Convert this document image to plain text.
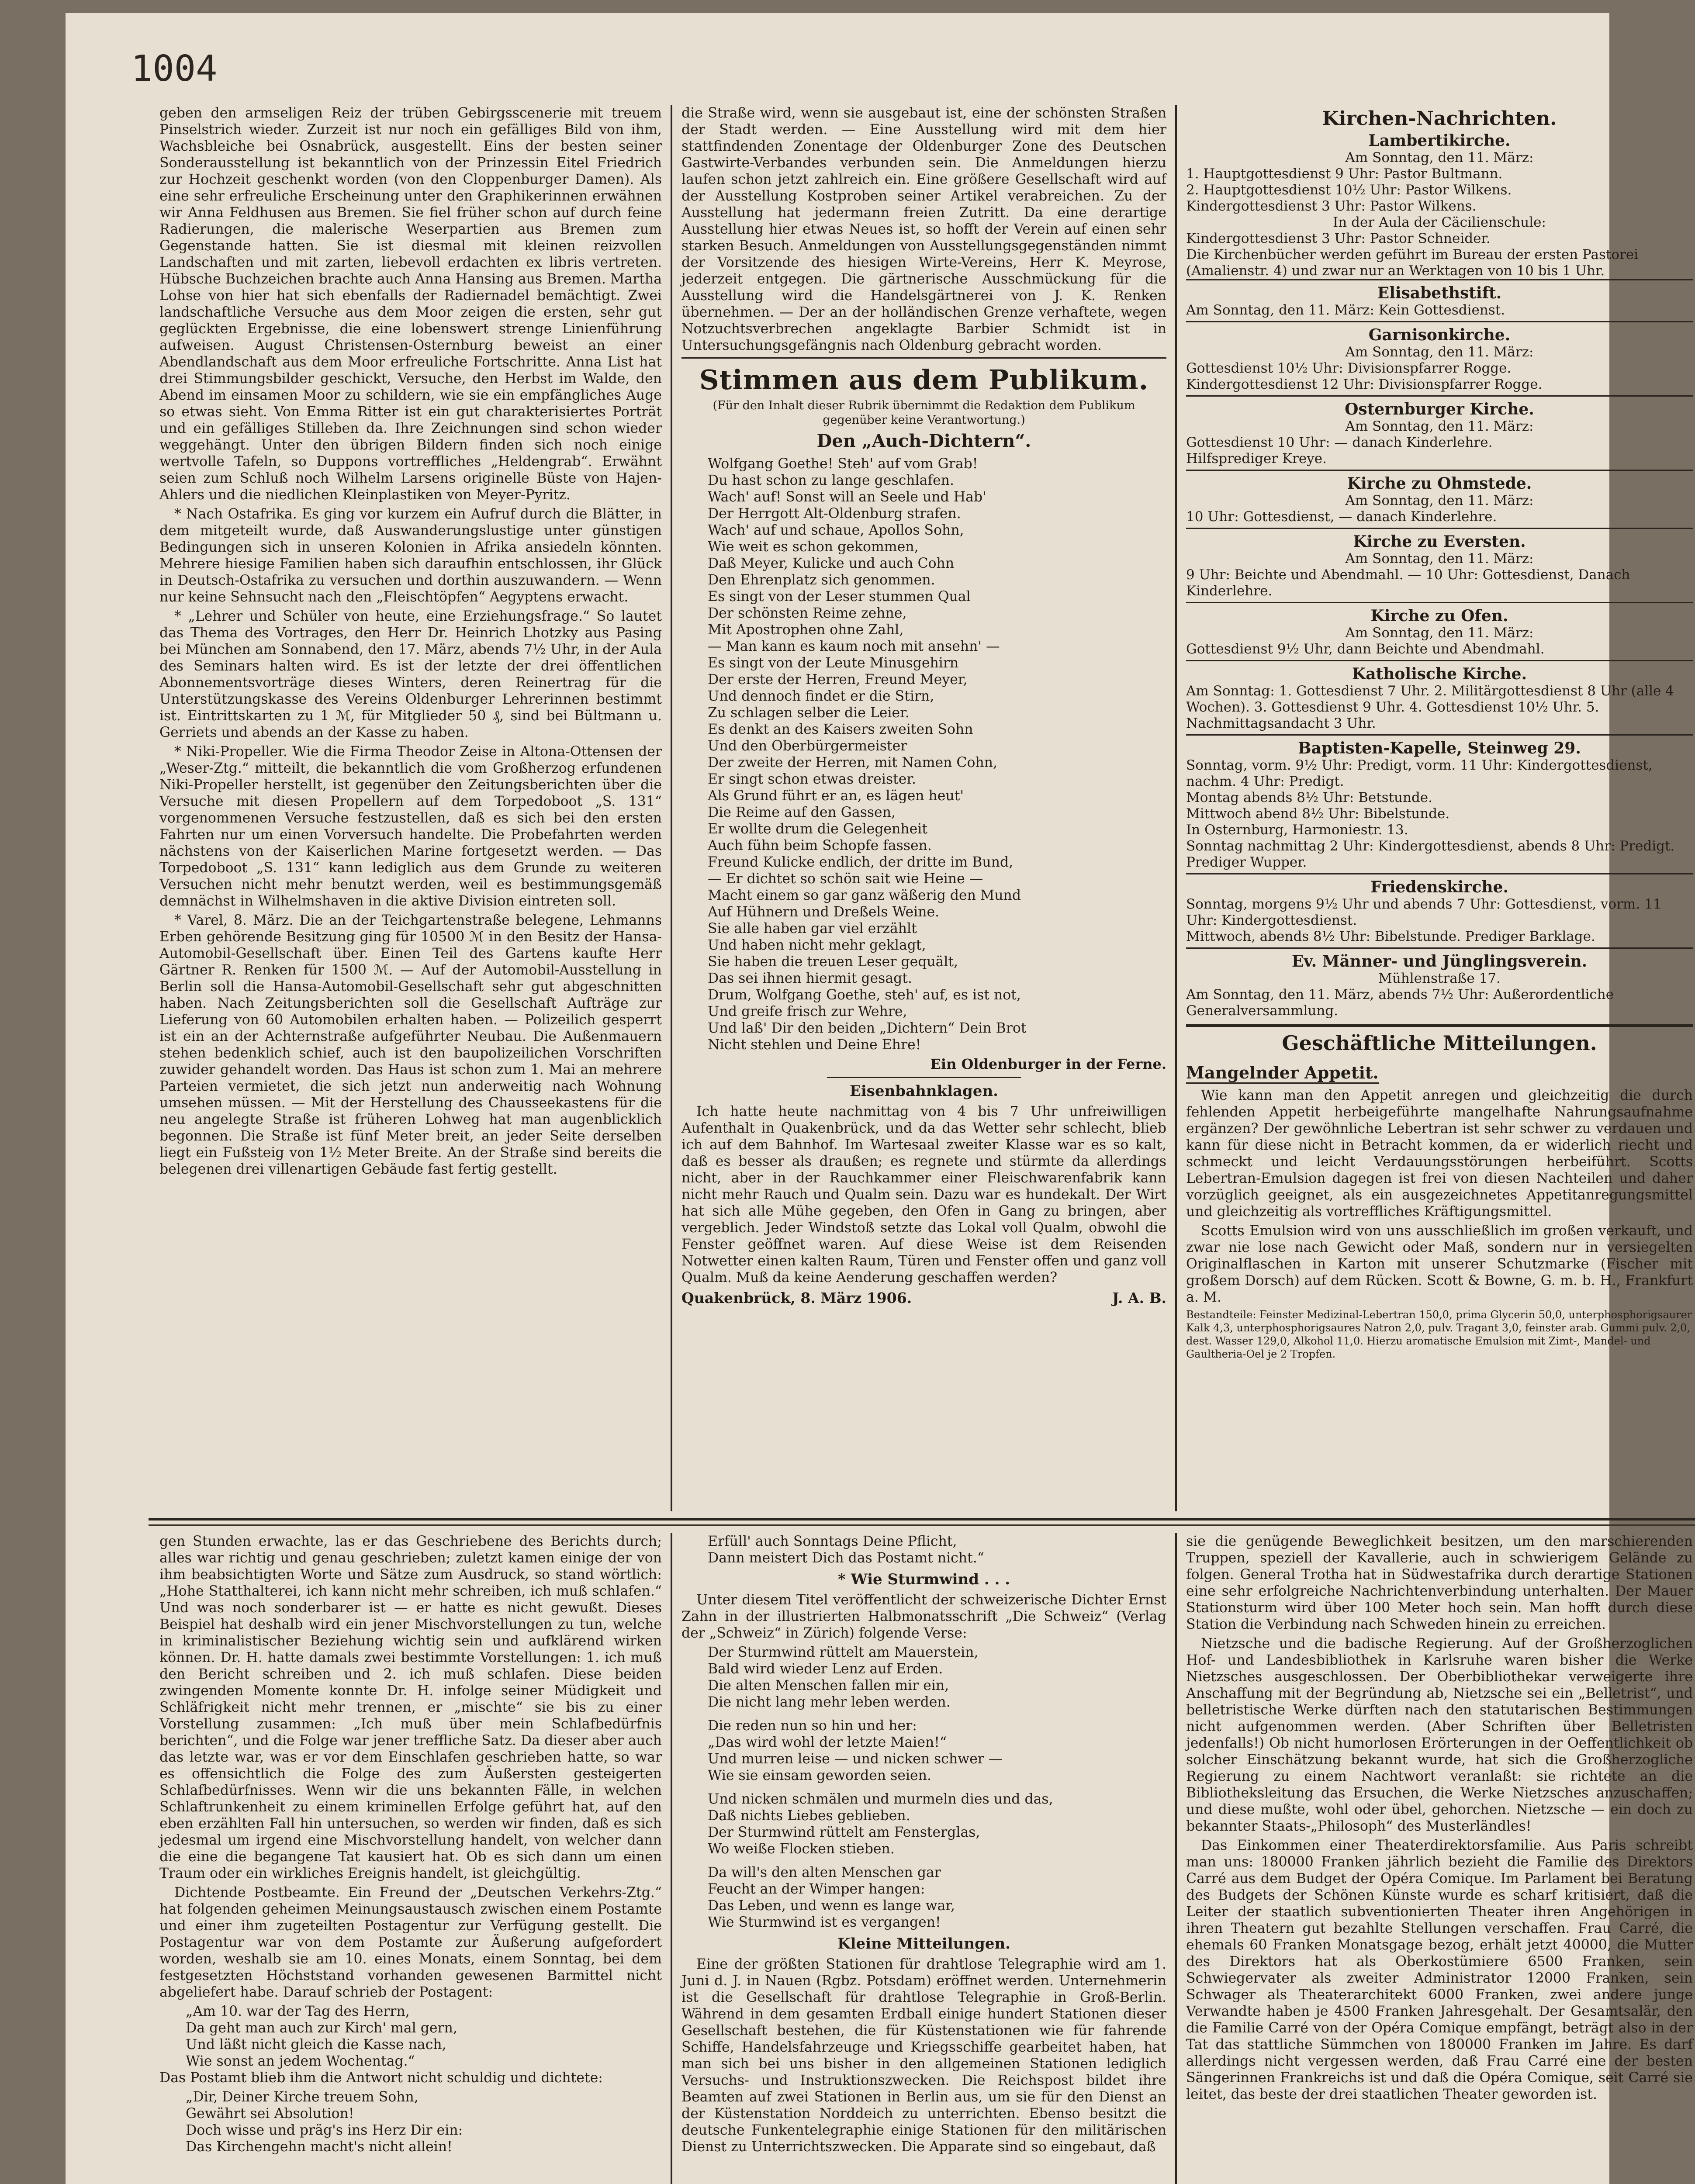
1004

geben den armseligen Reiz der trüben Gebirgsscenerie mit treuem Pinselstrich wieder. Zurzeit ist nur noch ein gefälliges Bild von ihm, Wachsbleiche bei Osnabrück, ausgestellt. Eins der besten seiner Sonderausstellung ist bekanntlich von der Prinzessin Eitel Friedrich zur Hochzeit geschenkt worden (von den Cloppenburger Damen). Als eine sehr erfreuliche Erscheinung unter den Graphikerinnen erwähnen wir Anna Feldhusen aus Bremen. Sie fiel früher schon auf durch feine Radierungen, die malerische Weserpartien aus Bremen zum Gegenstande hatten. Sie ist diesmal mit kleinen reizvollen Landschaften und mit zarten, liebevoll erdachten ex libris vertreten. Hübsche Buchzeichen brachte auch Anna Hansing aus Bremen. Martha Lohse von hier hat sich ebenfalls der Radiernadel bemächtigt. Zwei landschaftliche Versuche aus dem Moor zeigen die ersten, sehr gut geglückten Ergebnisse, die eine lobenswert strenge Linienführung aufweisen. August Christensen-Osternburg beweist an einer Abendlandschaft aus dem Moor erfreuliche Fortschritte. Anna List hat drei Stimmungsbilder geschickt, Versuche, den Herbst im Walde, den Abend im einsamen Moor zu schildern, wie sie ein empfängliches Auge so etwas sieht. Von Emma Ritter ist ein gut charakterisiertes Porträt und ein gefälliges Stilleben da. Ihre Zeichnungen sind schon wieder weggehängt. Unter den übrigen Bildern finden sich noch einige wertvolle Tafeln, so Duppons vortreffliches „Heldengrab“. Erwähnt seien zum Schluß noch Wilhelm Larsens originelle Büste von Hajen-Ahlers und die niedlichen Kleinplastiken von Meyer-Pyritz.

* Nach Ostafrika. Es ging vor kurzem ein Aufruf durch die Blätter, in dem mitgeteilt wurde, daß Auswanderungslustige unter günstigen Bedingungen sich in unseren Kolonien in Afrika ansiedeln könnten. Mehrere hiesige Familien haben sich daraufhin entschlossen, ihr Glück in Deutsch-Ostafrika zu versuchen und dorthin auszuwandern. — Wenn nur keine Sehnsucht nach den „Fleischtöpfen“ Aegyptens erwacht.

* „Lehrer und Schüler von heute, eine Erziehungsfrage.“ So lautet das Thema des Vortrages, den Herr Dr. Heinrich Lhotzky aus Pasing bei München am Sonnabend, den 17. März, abends 7½ Uhr, in der Aula des Seminars halten wird. Es ist der letzte der drei öffentlichen Abonnementsvorträge dieses Winters, deren Reinertrag für die Unterstützungskasse des Vereins Oldenburger Lehrerinnen bestimmt ist. Eintrittskarten zu 1 ℳ, für Mitglieder 50 ₰, sind bei Bültmann u. Gerriets und abends an der Kasse zu haben.

* Niki-Propeller. Wie die Firma Theodor Zeise in Altona-Ottensen der „Weser-Ztg.“ mitteilt, die bekanntlich die vom Großherzog erfundenen Niki-Propeller herstellt, ist gegenüber den Zeitungsberichten über die Versuche mit diesen Propellern auf dem Torpedoboot „S. 131“ vorgenommenen Versuche festzustellen, daß es sich bei den ersten Fahrten nur um einen Vorversuch handelte. Die Probefahrten werden nächstens von der Kaiserlichen Marine fortgesetzt werden. — Das Torpedoboot „S. 131“ kann lediglich aus dem Grunde zu weiteren Versuchen nicht mehr benutzt werden, weil es bestimmungsgemäß demnächst in Wilhelmshaven in die aktive Division eintreten soll.

* Varel, 8. März. Die an der Teichgartenstraße belegene, Lehmanns Erben gehörende Besitzung ging für 10500 ℳ in den Besitz der Hansa-Automobil-Gesellschaft über. Einen Teil des Gartens kaufte Herr Gärtner R. Renken für 1500 ℳ. — Auf der Automobil-Ausstellung in Berlin soll die Hansa-Automobil-Gesellschaft sehr gut abgeschnitten haben. Nach Zeitungsberichten soll die Gesellschaft Aufträge zur Lieferung von 60 Automobilen erhalten haben. — Polizeilich gesperrt ist ein an der Achternstraße aufgeführter Neubau. Die Außenmauern stehen bedenklich schief, auch ist den baupolizeilichen Vorschriften zuwider gehandelt worden. Das Haus ist schon zum 1. Mai an mehrere Parteien vermietet, die sich jetzt nun anderweitig nach Wohnung umsehen müssen. — Mit der Herstellung des Chausseekastens für die neu angelegte Straße ist früheren Lohweg hat man augenblicklich begonnen. Die Straße ist fünf Meter breit, an jeder Seite derselben liegt ein Fußsteig von 1½ Meter Breite. An der Straße sind bereits die belegenen drei villenartigen Gebäude fast fertig gestellt.

die Straße wird, wenn sie ausgebaut ist, eine der schönsten Straßen der Stadt werden. — Eine Ausstellung wird mit dem hier stattfindenden Zonentage der Oldenburger Zone des Deutschen Gastwirte-Verbandes verbunden sein. Die Anmeldungen hierzu laufen schon jetzt zahlreich ein. Eine größere Gesellschaft wird auf der Ausstellung Kostproben seiner Artikel verabreichen. Zu der Ausstellung hat jedermann freien Zutritt. Da eine derartige Ausstellung hier etwas Neues ist, so hofft der Verein auf einen sehr starken Besuch. Anmeldungen von Ausstellungsgegenständen nimmt der Vorsitzende des hiesigen Wirte-Vereins, Herr K. Meyrose, jederzeit entgegen. Die gärtnerische Ausschmückung für die Ausstellung wird die Handelsgärtnerei von J. K. Renken übernehmen. — Der an der holländischen Grenze verhaftete, wegen Notzuchtsverbrechen angeklagte Barbier Schmidt ist in Untersuchungsgefängnis nach Oldenburg gebracht worden.

Stimmen aus dem Publikum.
(Für den Inhalt dieser Rubrik übernimmt die Redaktion dem Publikum gegenüber keine Verantwortung.)
Den „Auch-Dichtern“.
Wolfgang Goethe! Steh' auf vom Grab!
Du hast schon zu lange geschlafen.
Wach' auf! Sonst will an Seele und Hab'
Der Herrgott Alt-Oldenburg strafen.
Wach' auf und schaue, Apollos Sohn,
Wie weit es schon gekommen,
Daß Meyer, Kulicke und auch Cohn
Den Ehrenplatz sich genommen.
Es singt von der Leser stummen Qual
Der schönsten Reime zehne,
Mit Apostrophen ohne Zahl,
— Man kann es kaum noch mit ansehn' —
Es singt von der Leute Minusgehirn
Der erste der Herren, Freund Meyer,
Und dennoch findet er die Stirn,
Zu schlagen selber die Leier.
Es denkt an des Kaisers zweiten Sohn
Und den Oberbürgermeister
Der zweite der Herren, mit Namen Cohn,
Er singt schon etwas dreister.
Als Grund führt er an, es lägen heut'
Die Reime auf den Gassen,
Er wollte drum die Gelegenheit
Auch fühn beim Schopfe fassen.
Freund Kulicke endlich, der dritte im Bund,
— Er dichtet so schön sait wie Heine —
Macht einem so gar ganz wäßerig den Mund
Auf Hühnern und Dreßels Weine.
Sie alle haben gar viel erzählt
Und haben nicht mehr geklagt,
Sie haben die treuen Leser gequält,
Das sei ihnen hiermit gesagt.
Drum, Wolfgang Goethe, steh' auf, es ist not,
Und greife frisch zur Wehre,
Und laß' Dir den beiden „Dichtern“ Dein Brot
Nicht stehlen und Deine Ehre!
Ein Oldenburger in der Ferne.
Eisenbahnklagen.

Ich hatte heute nachmittag von 4 bis 7 Uhr unfreiwilligen Aufenthalt in Quakenbrück, und da das Wetter sehr schlecht, blieb ich auf dem Bahnhof. Im Wartesaal zweiter Klasse war es so kalt, daß es besser als draußen; es regnete und stürmte da allerdings nicht, aber in der Rauchkammer einer Fleischwarenfabrik kann nicht mehr Rauch und Qualm sein. Dazu war es hundekalt. Der Wirt hat sich alle Mühe gegeben, den Ofen in Gang zu bringen, aber vergeblich. Jeder Windstoß setzte das Lokal voll Qualm, obwohl die Fenster geöffnet waren. Auf diese Weise ist dem Reisenden Notwetter einen kalten Raum, Türen und Fenster offen und ganz voll Qualm. Muß da keine Aenderung geschaffen werden?

Quakenbrück, 8. März 1906.	J. A. B.
Kirchen-Nachrichten.
Lambertikirche.
Am Sonntag, den 11. März:
1. Hauptgottesdienst 9 Uhr: Pastor Bultmann.
2. Hauptgottesdienst 10½ Uhr: Pastor Wilkens.
Kindergottesdienst 3 Uhr: Pastor Wilkens.
In der Aula der Cäcilienschule:
Kindergottesdienst 3 Uhr: Pastor Schneider.
Die Kirchenbücher werden geführt im Bureau der ersten Pastorei (Amalienstr. 4) und zwar nur an Werktagen von 10 bis 1 Uhr.
Elisabethstift.
Am Sonntag, den 11. März: Kein Gottesdienst.
Garnisonkirche.
Am Sonntag, den 11. März:
Gottesdienst 10½ Uhr: Divisionspfarrer Rogge.
Kindergottesdienst 12 Uhr: Divisionspfarrer Rogge.
Osternburger Kirche.
Am Sonntag, den 11. März:
Gottesdienst 10 Uhr: — danach Kinderlehre.
Hilfsprediger Kreye.
Kirche zu Ohmstede.
Am Sonntag, den 11. März:
10 Uhr: Gottesdienst, — danach Kinderlehre.
Kirche zu Eversten.
Am Sonntag, den 11. März:
9 Uhr: Beichte und Abendmahl. — 10 Uhr: Gottesdienst, Danach Kinderlehre.
Kirche zu Ofen.
Am Sonntag, den 11. März:
Gottesdienst 9½ Uhr, dann Beichte und Abendmahl.
Katholische Kirche.
Am Sonntag: 1. Gottesdienst 7 Uhr. 2. Militärgottesdienst 8 Uhr (alle 4 Wochen). 3. Gottesdienst 9 Uhr. 4. Gottesdienst 10½ Uhr. 5. Nachmittagsandacht 3 Uhr.
Baptisten-Kapelle, Steinweg 29.
Sonntag, vorm. 9½ Uhr: Predigt, vorm. 11 Uhr: Kindergottesdienst, nachm. 4 Uhr: Predigt.
Montag abends 8½ Uhr: Betstunde.
Mittwoch abend 8½ Uhr: Bibelstunde.
In Osternburg, Harmoniestr. 13.
Sonntag nachmittag 2 Uhr: Kindergottesdienst, abends 8 Uhr: Predigt. Prediger Wupper.
Friedenskirche.
Sonntag, morgens 9½ Uhr und abends 7 Uhr: Gottesdienst, vorm. 11 Uhr: Kindergottesdienst.
Mittwoch, abends 8½ Uhr: Bibelstunde. Prediger Barklage.
Ev. Männer- und Jünglingsverein.
Mühlenstraße 17.
Am Sonntag, den 11. März, abends 7½ Uhr: Außerordentliche Generalversammlung.
Geschäftliche Mitteilungen.
Mangelnder Appetit.

Wie kann man den Appetit anregen und gleichzeitig die durch fehlenden Appetit herbeigeführte mangelhafte Nahrungsaufnahme ergänzen? Der gewöhnliche Lebertran ist sehr schwer zu verdauen und kann für diese nicht in Betracht kommen, da er widerlich riecht und schmeckt und leicht Verdauungsstörungen herbeiführt. Scotts Lebertran-Emulsion dagegen ist frei von diesen Nachteilen und daher vorzüglich geeignet, als ein ausgezeichnetes Appetitanregungsmittel und gleichzeitig als vortreffliches Kräftigungsmittel.

Scotts Emulsion wird von uns ausschließlich im großen verkauft, und zwar nie lose nach Gewicht oder Maß, sondern nur in versiegelten Originalflaschen in Karton mit unserer Schutzmarke (Fischer mit großem Dorsch) auf dem Rücken. Scott & Bowne, G. m. b. H., Frankfurt a. M.

Bestandteile: Feinster Medizinal-Lebertran 150,0, prima Glycerin 50,0, unterphosphorigsaurer Kalk 4,3, unterphosphorigsaures Natron 2,0, pulv. Tragant 3,0, feinster arab. Gummi pulv. 2,0, dest. Wasser 129,0, Alkohol 11,0. Hierzu aromatische Emulsion mit Zimt-, Mandel- und Gaultheria-Oel je 2 Tropfen.

gen Stunden erwachte, las er das Geschriebene des Berichts durch; alles war richtig und genau geschrieben; zuletzt kamen einige der von ihm beabsichtigten Worte und Sätze zum Ausdruck, so stand wörtlich: „Hohe Statthalterei, ich kann nicht mehr schreiben, ich muß schlafen.“ Und was noch sonderbarer ist — er hatte es nicht gewußt. Dieses Beispiel hat deshalb wird ein jener Mischvorstellungen zu tun, welche in kriminalistischer Beziehung wichtig sein und aufklärend wirken können. Dr. H. hatte damals zwei bestimmte Vorstellungen: 1. ich muß den Bericht schreiben und 2. ich muß schlafen. Diese beiden zwingenden Momente konnte Dr. H. infolge seiner Müdigkeit und Schläfrigkeit nicht mehr trennen, er „mischte“ sie bis zu einer Vorstellung zusammen: „Ich muß über mein Schlafbedürfnis berichten“, und die Folge war jener treffliche Satz. Da dieser aber auch das letzte war, was er vor dem Einschlafen geschrieben hatte, so war es offensichtlich die Folge des zum Äußersten gesteigerten Schlafbedürfnisses. Wenn wir die uns bekannten Fälle, in welchen Schlaftrunkenheit zu einem kriminellen Erfolge geführt hat, auf den eben erzählten Fall hin untersuchen, so werden wir finden, daß es sich jedesmal um irgend eine Mischvorstellung handelt, von welcher dann die eine die begangene Tat kausiert hat. Ob es sich dann um einen Traum oder ein wirkliches Ereignis handelt, ist gleichgültig.

Dichtende Postbeamte. Ein Freund der „Deutschen Verkehrs-Ztg.“ hat folgenden geheimen Meinungsaustausch zwischen einem Postamte und einer ihm zugeteilten Postagentur zur Verfügung gestellt. Die Postagentur war von dem Postamte zur Äußerung aufgefordert worden, weshalb sie am 10. eines Monats, einem Sonntag, bei dem festgesetzten Höchststand vorhanden gewesenen Barmittel nicht abgeliefert habe. Darauf schrieb der Postagent:

„Am 10. war der Tag des Herrn,
Da geht man auch zur Kirch' mal gern,
Und läßt nicht gleich die Kasse nach,
Wie sonst an jedem Wochentag.“

Das Postamt blieb ihm die Antwort nicht schuldig und dichtete:

„Dir, Deiner Kirche treuem Sohn,
Gewährt sei Absolution!
Doch wisse und präg's ins Herz Dir ein:
Das Kirchengehn macht's nicht allein!
Erfüll' auch Sonntags Deine Pflicht,
Dann meistert Dich das Postamt nicht.“
* Wie Sturmwind . . .

Unter diesem Titel veröffentlicht der schweizerische Dichter Ernst Zahn in der illustrierten Halbmonatsschrift „Die Schweiz“ (Verlag der „Schweiz“ in Zürich) folgende Verse:

Der Sturmwind rüttelt am Mauerstein,
Bald wird wieder Lenz auf Erden.
Die alten Menschen fallen mir ein,
Die nicht lang mehr leben werden.
Die reden nun so hin und her:
„Das wird wohl der letzte Maien!“
Und murren leise — und nicken schwer —
Wie sie einsam geworden seien.
Und nicken schmälen und murmeln dies und das,
Daß nichts Liebes geblieben.
Der Sturmwind rüttelt am Fensterglas,
Wo weiße Flocken stieben.
Da will's den alten Menschen gar
Feucht an der Wimper hangen:
Das Leben, und wenn es lange war,
Wie Sturmwind ist es vergangen!
Kleine Mitteilungen.

Eine der größten Stationen für drahtlose Telegraphie wird am 1. Juni d. J. in Nauen (Rgbz. Potsdam) eröffnet werden. Unternehmerin ist die Gesellschaft für drahtlose Telegraphie in Groß-Berlin. Während in dem gesamten Erdball einige hundert Stationen dieser Gesellschaft bestehen, die für Küstenstationen wie für fahrende Schiffe, Handelsfahrzeuge und Kriegsschiffe gearbeitet haben, hat man sich bei uns bisher in den allgemeinen Stationen lediglich Versuchs- und Instruktionszwecken. Die Reichspost bildet ihre Beamten auf zwei Stationen in Berlin aus, um sie für den Dienst an der Küstenstation Norddeich zu unterrichten. Ebenso besitzt die deutsche Funkentelegraphie einige Stationen für den militärischen Dienst zu Unterrichtszwecken. Die Apparate sind so eingebaut, daß

sie die genügende Beweglichkeit besitzen, um den marschierenden Truppen, speziell der Kavallerie, auch in schwierigem Gelände zu folgen. General Trotha hat in Südwestafrika durch derartige Stationen eine sehr erfolgreiche Nachrichtenverbindung unterhalten. Der Mauer Stationsturm wird über 100 Meter hoch sein. Man hofft durch diese Station die Verbindung nach Schweden hinein zu erreichen.

Nietzsche und die badische Regierung. Auf der Großherzoglichen Hof- und Landesbibliothek in Karlsruhe waren bisher die Werke Nietzsches ausgeschlossen. Der Oberbibliothekar verweigerte ihre Anschaffung mit der Begründung ab, Nietzsche sei ein „Belletrist“, und belletristische Werke dürften nach den statutarischen Bestimmungen nicht aufgenommen werden. (Aber Schriften über Belletristen jedenfalls!) Ob nicht humorlosen Erörterungen in der Oeffentlichkeit ob solcher Einschätzung bekannt wurde, hat sich die Großherzogliche Regierung zu einem Nachtwort veranlaßt: sie richtete an die Bibliotheksleitung das Ersuchen, die Werke Nietzsches anzuschaffen; und diese mußte, wohl oder übel, gehorchen. Nietzsche — ein doch zu bekannter Staats-„Philosoph“ des Musterländles!

Das Einkommen einer Theaterdirektorsfamilie. Aus Paris schreibt man uns: 180000 Franken jährlich bezieht die Familie des Direktors Carré aus dem Budget der Opéra Comique. Im Parlament bei Beratung des Budgets der Schönen Künste wurde es scharf kritisiert, daß die Leiter der staatlich subventionierten Theater ihren Angehörigen in ihren Theatern gut bezahlte Stellungen verschaffen. Frau Carré, die ehemals 60 Franken Monatsgage bezog, erhält jetzt 40000, die Mutter des Direktors hat als Oberkostümiere 6500 Franken, sein Schwiegervater als zweiter Administrator 12000 Franken, sein Schwager als Theaterarchitekt 6000 Franken, zwei andere junge Verwandte haben je 4500 Franken Jahresgehalt. Der Gesamtsalär, den die Familie Carré von der Opéra Comique empfängt, beträgt also in der Tat das stattliche Sümmchen von 180000 Franken im Jahre. Es darf allerdings nicht vergessen werden, daß Frau Carré eine der besten Sängerinnen Frankreichs ist und daß die Opéra Comique, seit Carré sie leitet, das beste der drei staatlichen Theater geworden ist.
